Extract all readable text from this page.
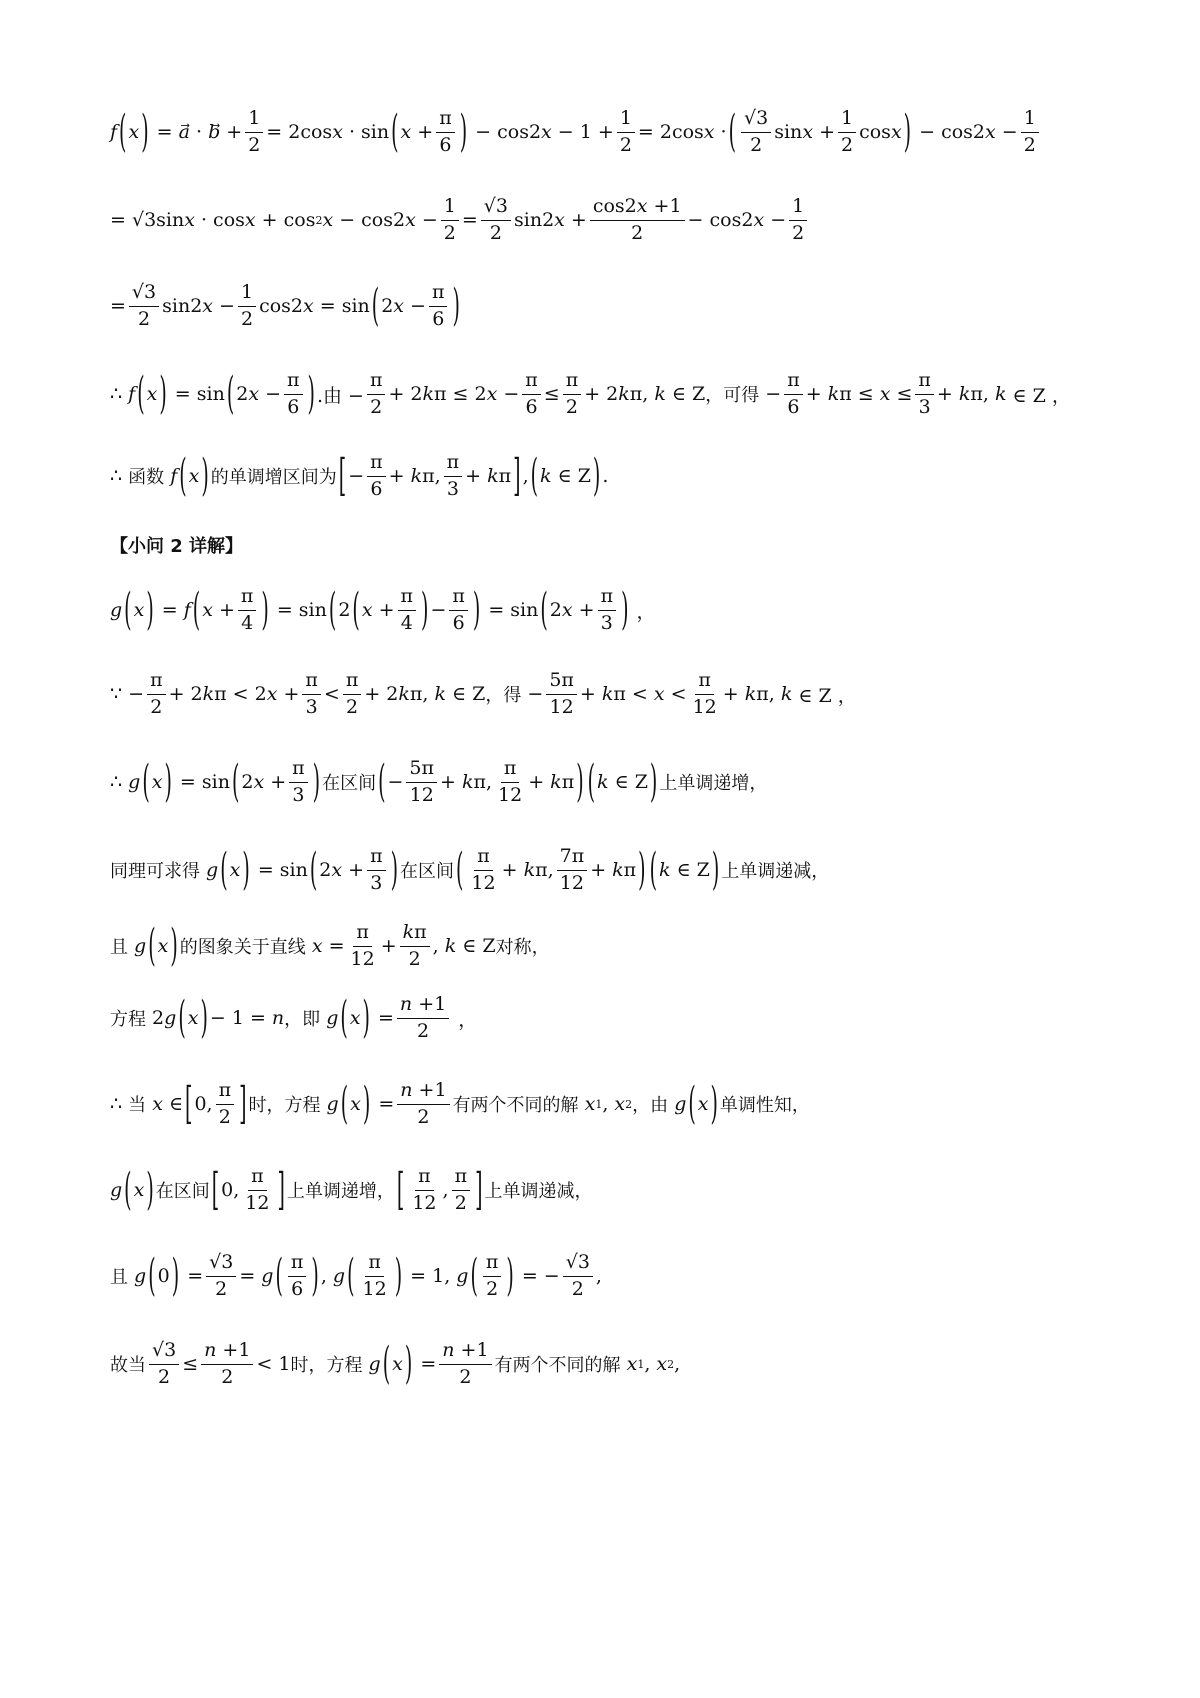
f ( x ) = a ⃗ · b ⃗ + $\frac{1}{2} = 2\cos$ x · sin ( $x + \frac{\pi}{6}$ ) − cos2 $x - 1 + \frac{1}{2} = 2\cos$ x · ( $\frac{√3}{2}$ $\sin x + \frac{1}{2}$ cos x ) − cos2 $x - \frac{1}{2}$
= √3sin x · cos x + cos 2 x − cos2 $x - \frac{1}{2} = \frac{√3}{2} \sin 2$ $x + \frac{\cos 2x +1}{2} - \cos 2$ $x - \frac{1}{2}$
= $\frac{√3}{2} \sin 2$ $x - \frac{1}{2} \cos 2$ x = sin ( 2 $x - \frac{\pi}{6}$ )
∴ f ( x ) = sin ( 2 $x - \frac{\pi}{6}$ ) .由 − $\frac{\pi}{2} + 2$ k π ≤ 2 $x - \frac{\pi}{6} \le \frac{\pi}{2} + 2$ k π, k ∈ Z ，可得 − $\frac{\pi}{6} + k$ $\pi \le x \le \frac{\pi}{3} + k$ π, k ∈ Z ，
∴ 函数
f ( x ) 的单调增区间为 [ − $\frac{\pi}{6} + k$ π, $\frac{\pi}{3} + k$ π ] , ( k ∈ Z ) .
【小问 2 详解】
g ( x ) = f ( $x + \frac{\pi}{4}$ ) = sin ( 2 ( $x + \frac{\pi}{4}$ ) − $\frac{\pi}{6}$ ) = sin ( 2 $x + \frac{\pi}{3}$ ) ，
∵ − $\frac{\pi}{2} + 2$ k π < 2 $x + \frac{\pi}{3} < \frac{\pi}{2} + 2$ k π, k ∈ Z ，得 − $\frac{5\pi}{12} + k$ $\pi < x < \frac{\pi}{12} + k$ π, k ∈ Z ，
∴ g ( x ) = sin ( 2 $x + \frac{\pi}{3}$ ) 在区间 ( − $\frac{5\pi}{12} + k$ π, $\frac{\pi}{12} + k$ π ) ( k ∈ Z ) 上单调递增，
同理可求得
g ( x ) = sin ( 2 $x + \frac{\pi}{3}$ ) 在区间 ( $\frac{\pi}{12} + k$ π, $\frac{7\pi}{12} + k$ π ) ( k ∈ Z ) 上单调递减，
且
g ( x ) 的图象关于直线
$x = \frac{\pi}{12} + \frac{k\pi}{2}$ , k ∈ Z 对称，
方程 2 g ( x ) − 1 = n ，即
g ( x ) = $\frac{n +1}{2}$ ，
∴ 当
x ∈ [ 0, $\frac{\pi}{2}$ ] 时，方程
g ( x ) = $\frac{n +1}{2}$ 有两个不同的解
x 1 , x 2 ，由
g ( x ) 单调性知，
g ( x ) 在区间 [ 0, $\frac{\pi}{12}$ ] 上单调递增， [ $\frac{\pi}{12}$ , $\frac{\pi}{2}$ ] 上单调递减，
且
g ( 0 ) = $\frac{√3}{2} = g$ ( $\frac{\pi}{6}$ ) , g ( $\frac{\pi}{12}$ ) = 1, g ( $\frac{\pi}{2}$ ) = − $\frac{√3}{2}$ ,
故当 $\frac{√3}{2} \le \frac{n +1}{2} < 1$ 时，方程
g ( x ) = $\frac{n +1}{2}$ 有两个不同的解
x 1 , x 2 ,
